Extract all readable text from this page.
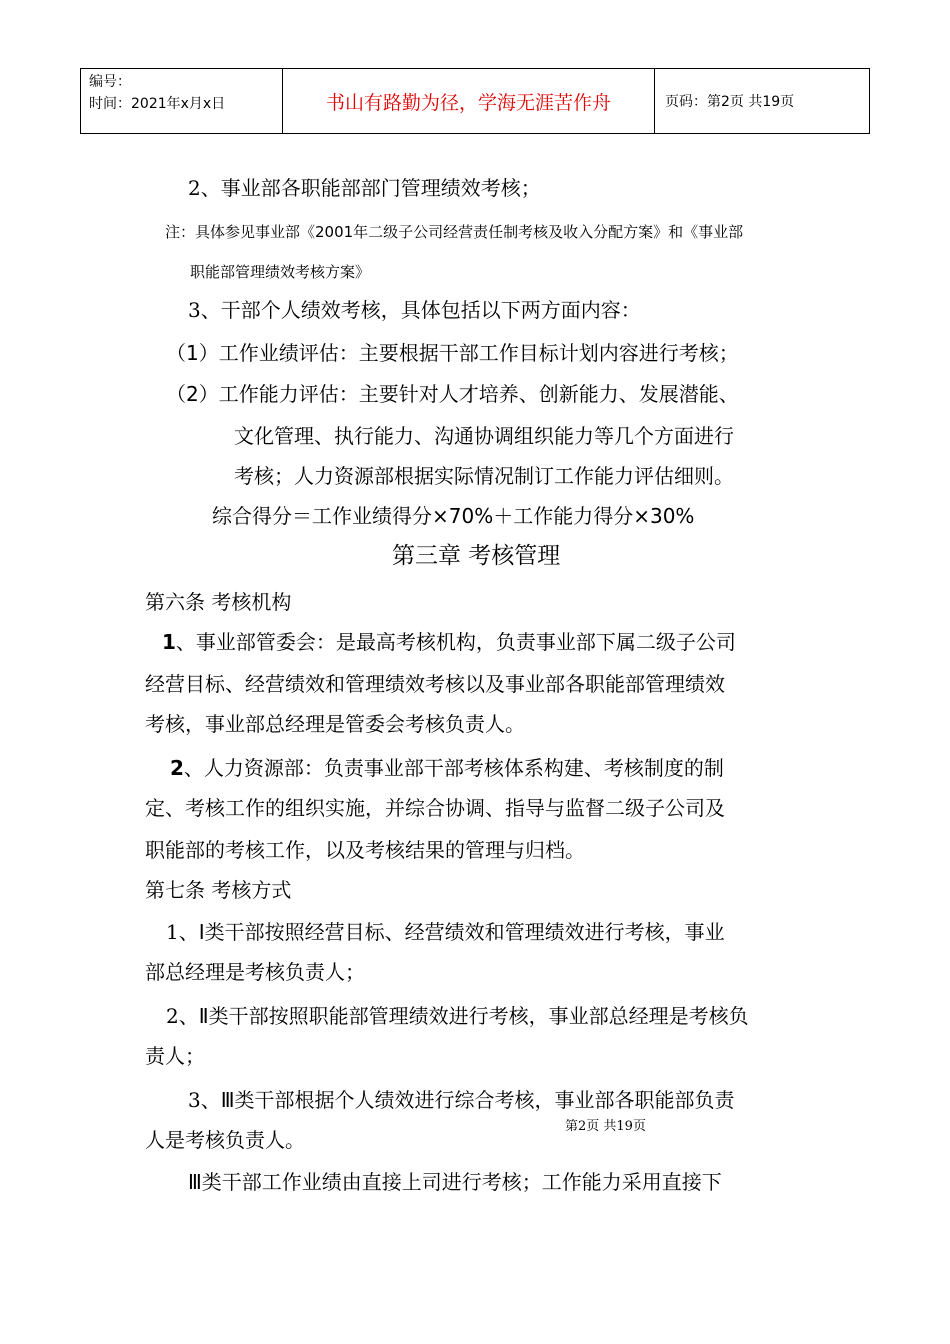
编号：
时间：2021年x月x日	书山有路勤为径，学海无涯苦作舟	页码：第2页 共19页
2、事业部各职能部部门管理绩效考核；
注：具体参见事业部《2001年二级子公司经营责任制考核及收入分配方案》和《事业部
职能部管理绩效考核方案》
3、干部个人绩效考核，具体包括以下两方面内容：
（1）工作业绩评估：主要根据干部工作目标计划内容进行考核；
（2）工作能力评估：主要针对人才培养、创新能力、发展潜能、
文化管理、执行能力、沟通协调组织能力等几个方面进行
考核；人力资源部根据实际情况制订工作能力评估细则。
综合得分＝工作业绩得分×70%＋工作能力得分×30%
第三章 考核管理
第六条 考核机构
1、事业部管委会：是最高考核机构，负责事业部下属二级子公司
经营目标、经营绩效和管理绩效考核以及事业部各职能部管理绩效
考核，事业部总经理是管委会考核负责人。
2、人力资源部：负责事业部干部考核体系构建、考核制度的制
定、考核工作的组织实施，并综合协调、指导与监督二级子公司及
职能部的考核工作，以及考核结果的管理与归档。
第七条 考核方式
1、Ⅰ类干部按照经营目标、经营绩效和管理绩效进行考核，事业
部总经理是考核负责人；
2、Ⅱ类干部按照职能部管理绩效进行考核，事业部总经理是考核负
责人；
3、Ⅲ类干部根据个人绩效进行综合考核，事业部各职能部负责
人是考核负责人。
第2页 共19页
Ⅲ类干部工作业绩由直接上司进行考核；工作能力采用直接下
